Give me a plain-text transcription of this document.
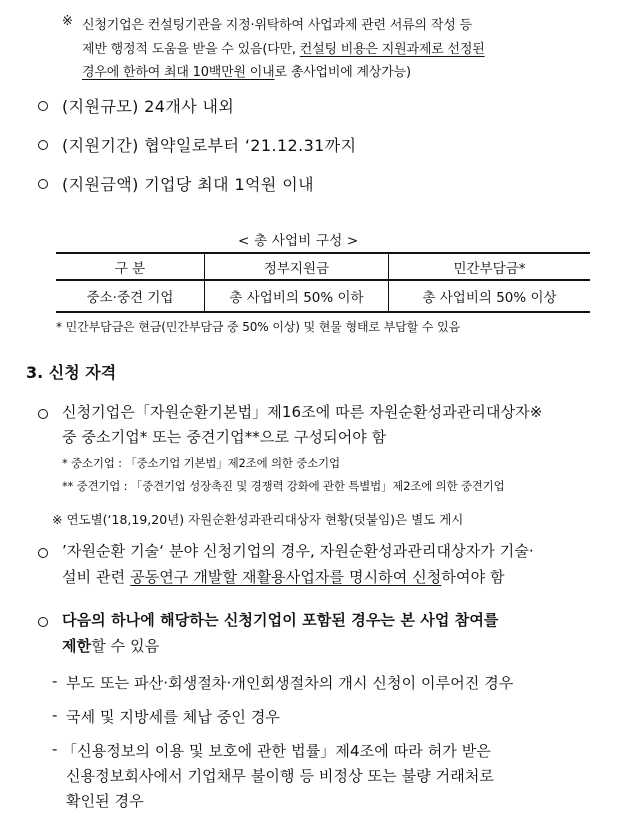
※ 신청기업은 컨설팅기관을 지정·위탁하여 사업과제 관련 서류의 작성 등
제반 행정적 도움을 받을 수 있음(다만, 컨설팅 비용은 지원과제로 선정된
경우에 한하여 최대 10백만원 이내로 총사업비에 계상가능)
(지원규모) 24개사 내외
(지원기간) 협약일로부터 ‘21.12.31까지
(지원금액) 기업당 최대 1억원 이내
< 총 사업비 구성 >
구 분	정부지원금	민간부담금*
중소·중견 기업	총 사업비의 50% 이하	총 사업비의 50% 이상
* 민간부담금은 현금(민간부담금 중 50% 이상) 및 현물 형태로 부담할 수 있음
3. 신청 자격
신청기업은「자원순환기본법」제16조에 따른 자원순환성과관리대상자※
중 중소기업* 또는 중견기업**으로 구성되어야 함
* 중소기업 : 「중소기업 기본법」제2조에 의한 중소기업
** 중견기업 : 「중견기업 성장촉진 및 경쟁력 강화에 관한 특별법」제2조에 의한 중견기업
※ 연도별(‘18,19,20년) 자원순환성과관리대상자 현황(덧붙임)은 별도 게시
’자원순환 기술‘ 분야 신청기업의 경우, 자원순환성과관리대상자가 기술·
설비 관련 공동연구 개발할 재활용사업자를 명시하여 신청하여야 함
다음의 하나에 해당하는 신청기업이 포함된 경우는 본 사업 참여를
제한할 수 있음
- 부도 또는 파산·회생절차·개인회생절차의 개시 신청이 이루어진 경우
- 국세 및 지방세를 체납 중인 경우
- 「신용정보의 이용 및 보호에 관한 법률」제4조에 따라 허가 받은
신용정보회사에서 기업채무 불이행 등 비정상 또는 불량 거래처로
확인된 경우
